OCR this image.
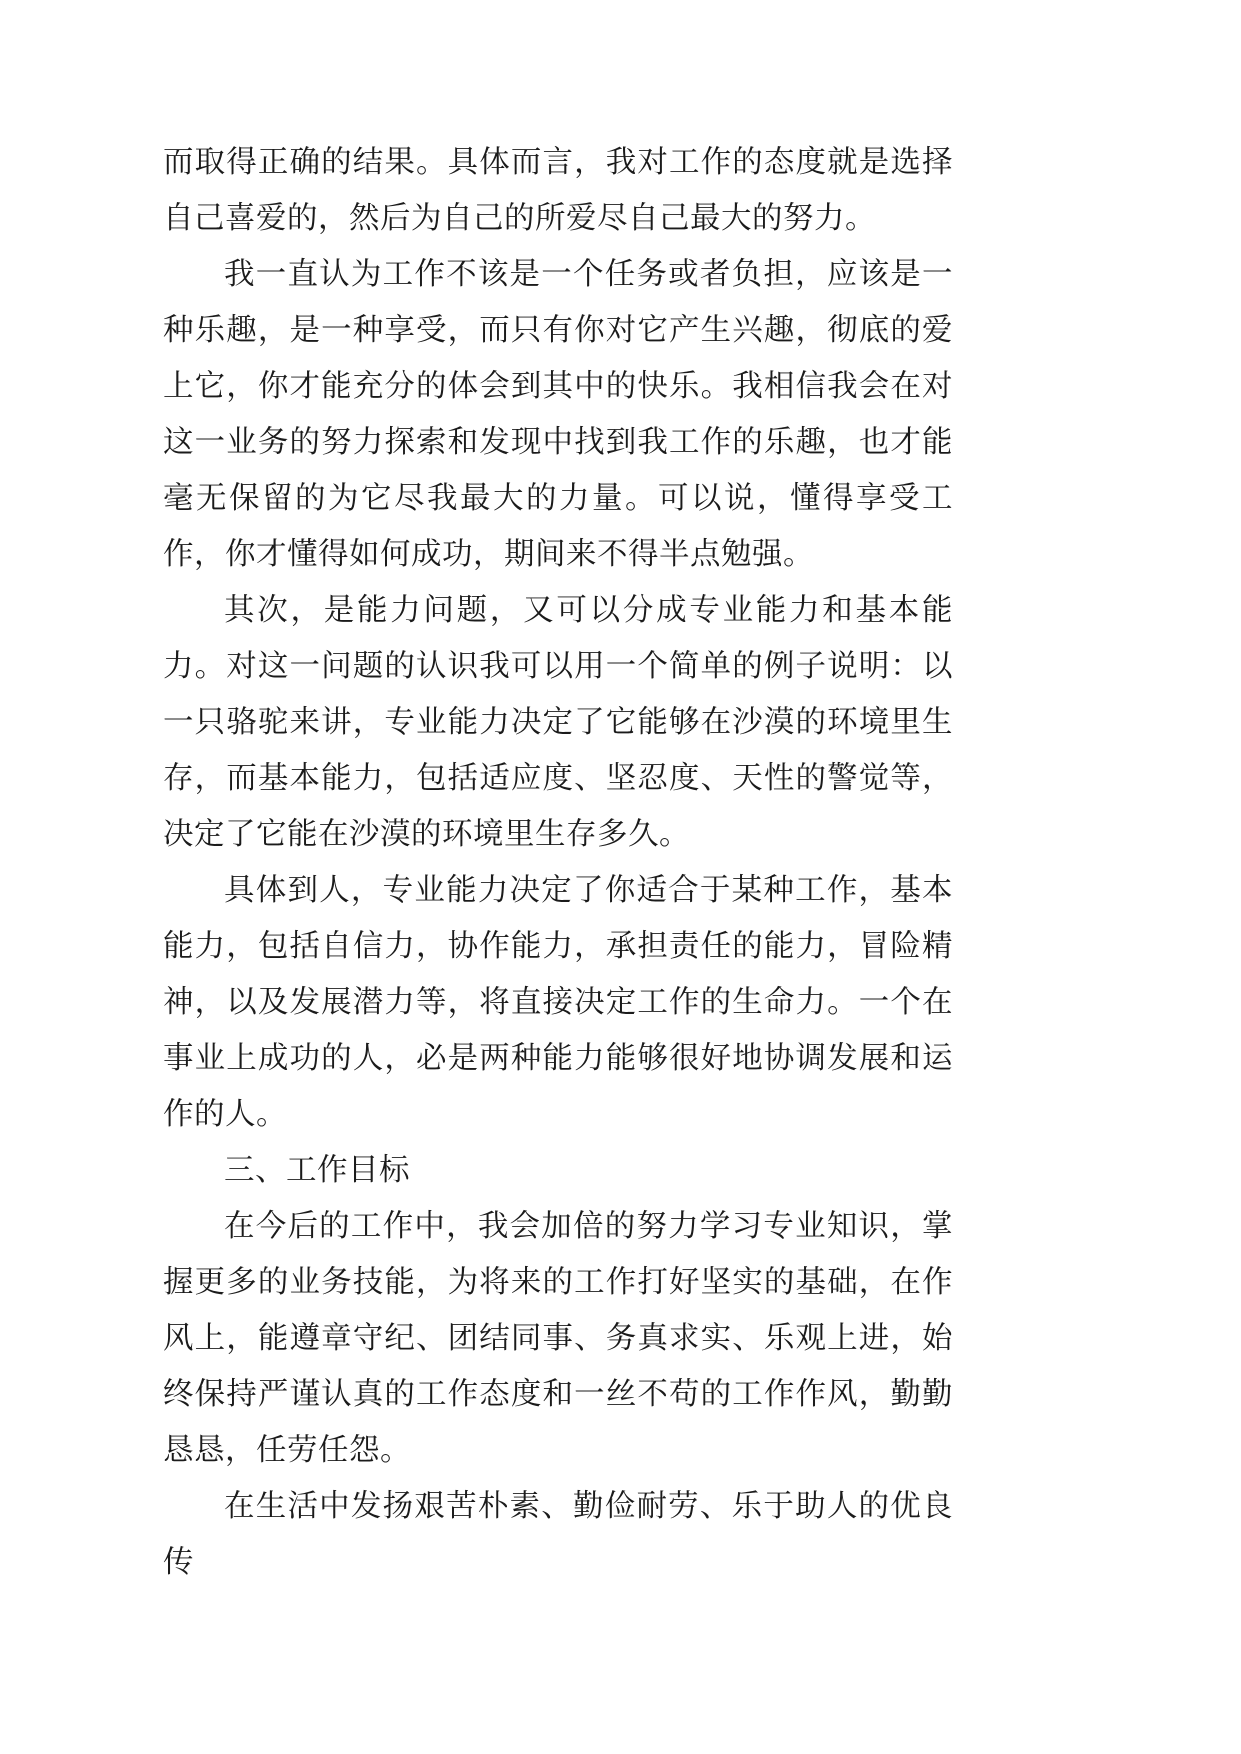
而取得正确的结果。具体而言，我对工作的态度就是选择自己喜爱的，然后为自己的所爱尽自己最大的努力。

我一直认为工作不该是一个任务或者负担，应该是一种乐趣，是一种享受，而只有你对它产生兴趣，彻底的爱上它，你才能充分的体会到其中的快乐。我相信我会在对这一业务的努力探索和发现中找到我工作的乐趣，也才能毫无保留的为它尽我最大的力量。可以说，懂得享受工作，你才懂得如何成功，期间来不得半点勉强。

其次，是能力问题，又可以分成专业能力和基本能力。对这一问题的认识我可以用一个简单的例子说明：以一只骆驼来讲，专业能力决定了它能够在沙漠的环境里生存，而基本能力，包括适应度、坚忍度、天性的警觉等，决定了它能在沙漠的环境里生存多久。

具体到人，专业能力决定了你适合于某种工作，基本能力，包括自信力，协作能力，承担责任的能力，冒险精神，以及发展潜力等，将直接决定工作的生命力。一个在事业上成功的人，必是两种能力能够很好地协调发展和运作的人。

三、工作目标

在今后的工作中，我会加倍的努力学习专业知识，掌握更多的业务技能，为将来的工作打好坚实的基础，在作风上，能遵章守纪、团结同事、务真求实、乐观上进，始终保持严谨认真的工作态度和一丝不苟的工作作风，勤勤恳恳，任劳任怨。

在生活中发扬艰苦朴素、勤俭耐劳、乐于助人的优良传
